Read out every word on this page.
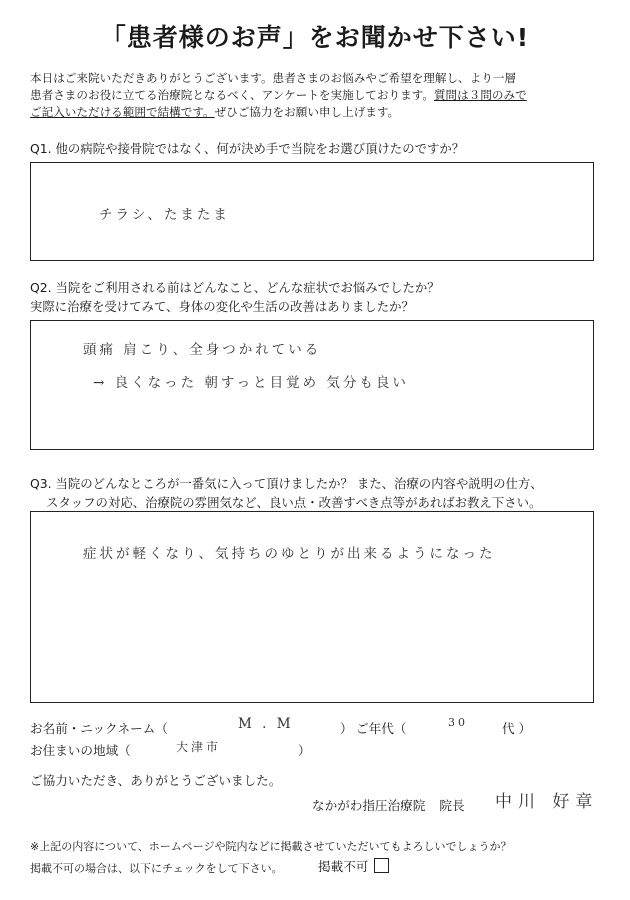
「患者様のお声」をお聞かせ下さい!
本日はご来院いただきありがとうございます。患者さまのお悩みやご希望を理解し、より一層
患者さまのお役に立てる治療院となるべく、アンケートを実施しております。質問は３問のみで
ご記入いただける範囲で結構です。ぜひご協力をお願い申し上げます。
Q1. 他の病院や接骨院ではなく、何が決め手で当院をお選び頂けたのですか？
チラシ、たまたま
Q2. 当院をご利用される前はどんなこと、どんな症状でお悩みでしたか？
実際に治療を受けてみて、身体の変化や生活の改善はありましたか？
頭痛 肩こり、全身つかれている
→ 良くなった 朝すっと目覚め 気分も良い
Q3. 当院のどんなところが一番気に入って頂けましたか？ また、治療の内容や説明の仕方、
スタッフの対応、治療院の雰囲気など、良い点・改善すべき点等があればお教え下さい。
症状が軽くなり、気持ちのゆとりが出来るようになった
お名前・ニックネーム（	M . M	） ご年代（	30	代 ）
お住まいの地域（	大津市	）
ご協力いただき、ありがとうございました。
なかがわ指圧治療院 院長 中川 好章
※上記の内容について、ホームページや院内などに掲載させていただいてもよろしいでしょうか？
掲載不可の場合は、以下にチェックをして下さい。	掲載不可
